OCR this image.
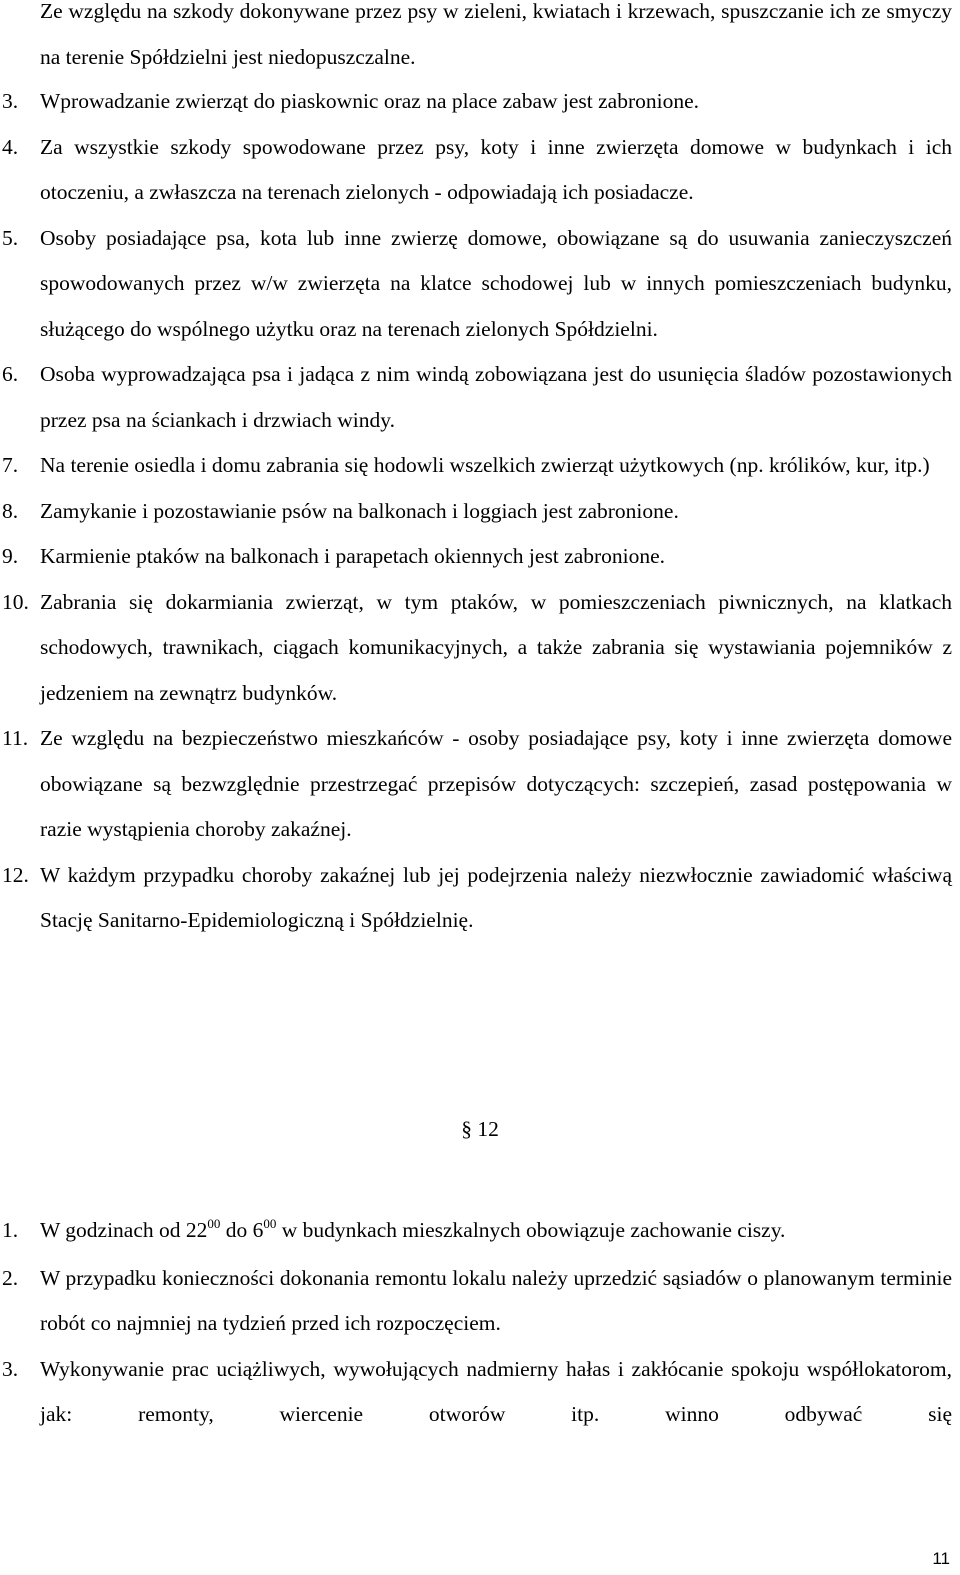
Ze względu na szkody dokonywane przez psy w zieleni, kwiatach i krzewach, spuszczanie ich ze smyczy na terenie Spółdzielni jest niedopuszczalne.
3. Wprowadzanie zwierząt do piaskownic oraz na place zabaw jest zabronione.
4. Za wszystkie szkody spowodowane przez psy, koty i inne zwierzęta domowe w budynkach i ich otoczeniu, a zwłaszcza na terenach zielonych - odpowiadają ich posiadacze.
5. Osoby posiadające psa, kota lub inne zwierzę domowe, obowiązane są do usuwania zanieczyszczeń spowodowanych przez w/w zwierzęta na klatce schodowej lub w innych pomieszczeniach budynku, służącego do wspólnego użytku oraz na terenach zielonych Spółdzielni.
6. Osoba wyprowadzająca psa i jadąca z nim windą zobowiązana jest do usunięcia śladów pozostawionych przez psa na ściankach i drzwiach windy.
7. Na terenie osiedla i domu zabrania się hodowli wszelkich zwierząt użytkowych (np. królików, kur, itp.)
8. Zamykanie i pozostawianie psów na balkonach i loggiach jest zabronione.
9. Karmienie ptaków na balkonach i parapetach okiennych jest zabronione.
10. Zabrania się dokarmiania zwierząt, w tym ptaków, w pomieszczeniach piwnicznych, na klatkach schodowych, trawnikach, ciągach komunikacyjnych, a także zabrania się wystawiania pojemników z jedzeniem na zewnątrz budynków.
11. Ze względu na bezpieczeństwo mieszkańców - osoby posiadające psy, koty i inne zwierzęta domowe obowiązane są bezwzględnie przestrzegać przepisów dotyczących: szczepień, zasad postępowania w razie wystąpienia choroby zakaźnej.
12. W każdym przypadku choroby zakaźnej lub jej podejrzenia należy niezwłocznie zawiadomić właściwą Stację Sanitarno-Epidemiologiczną i Spółdzielnię.
§ 12
1. W godzinach od $22^{00}$ do $6^{00}$ w budynkach mieszkalnych obowiązuje zachowanie ciszy.
2. W przypadku konieczności dokonania remontu lokalu należy uprzedzić sąsiadów o planowanym terminie robót co najmniej na tydzień przed ich rozpoczęciem.
3. Wykonywanie prac uciążliwych, wywołujących nadmierny hałas i zakłócanie spokoju współlokatorom, jak: remonty, wiercenie otworów itp. winno odbywać się
11
